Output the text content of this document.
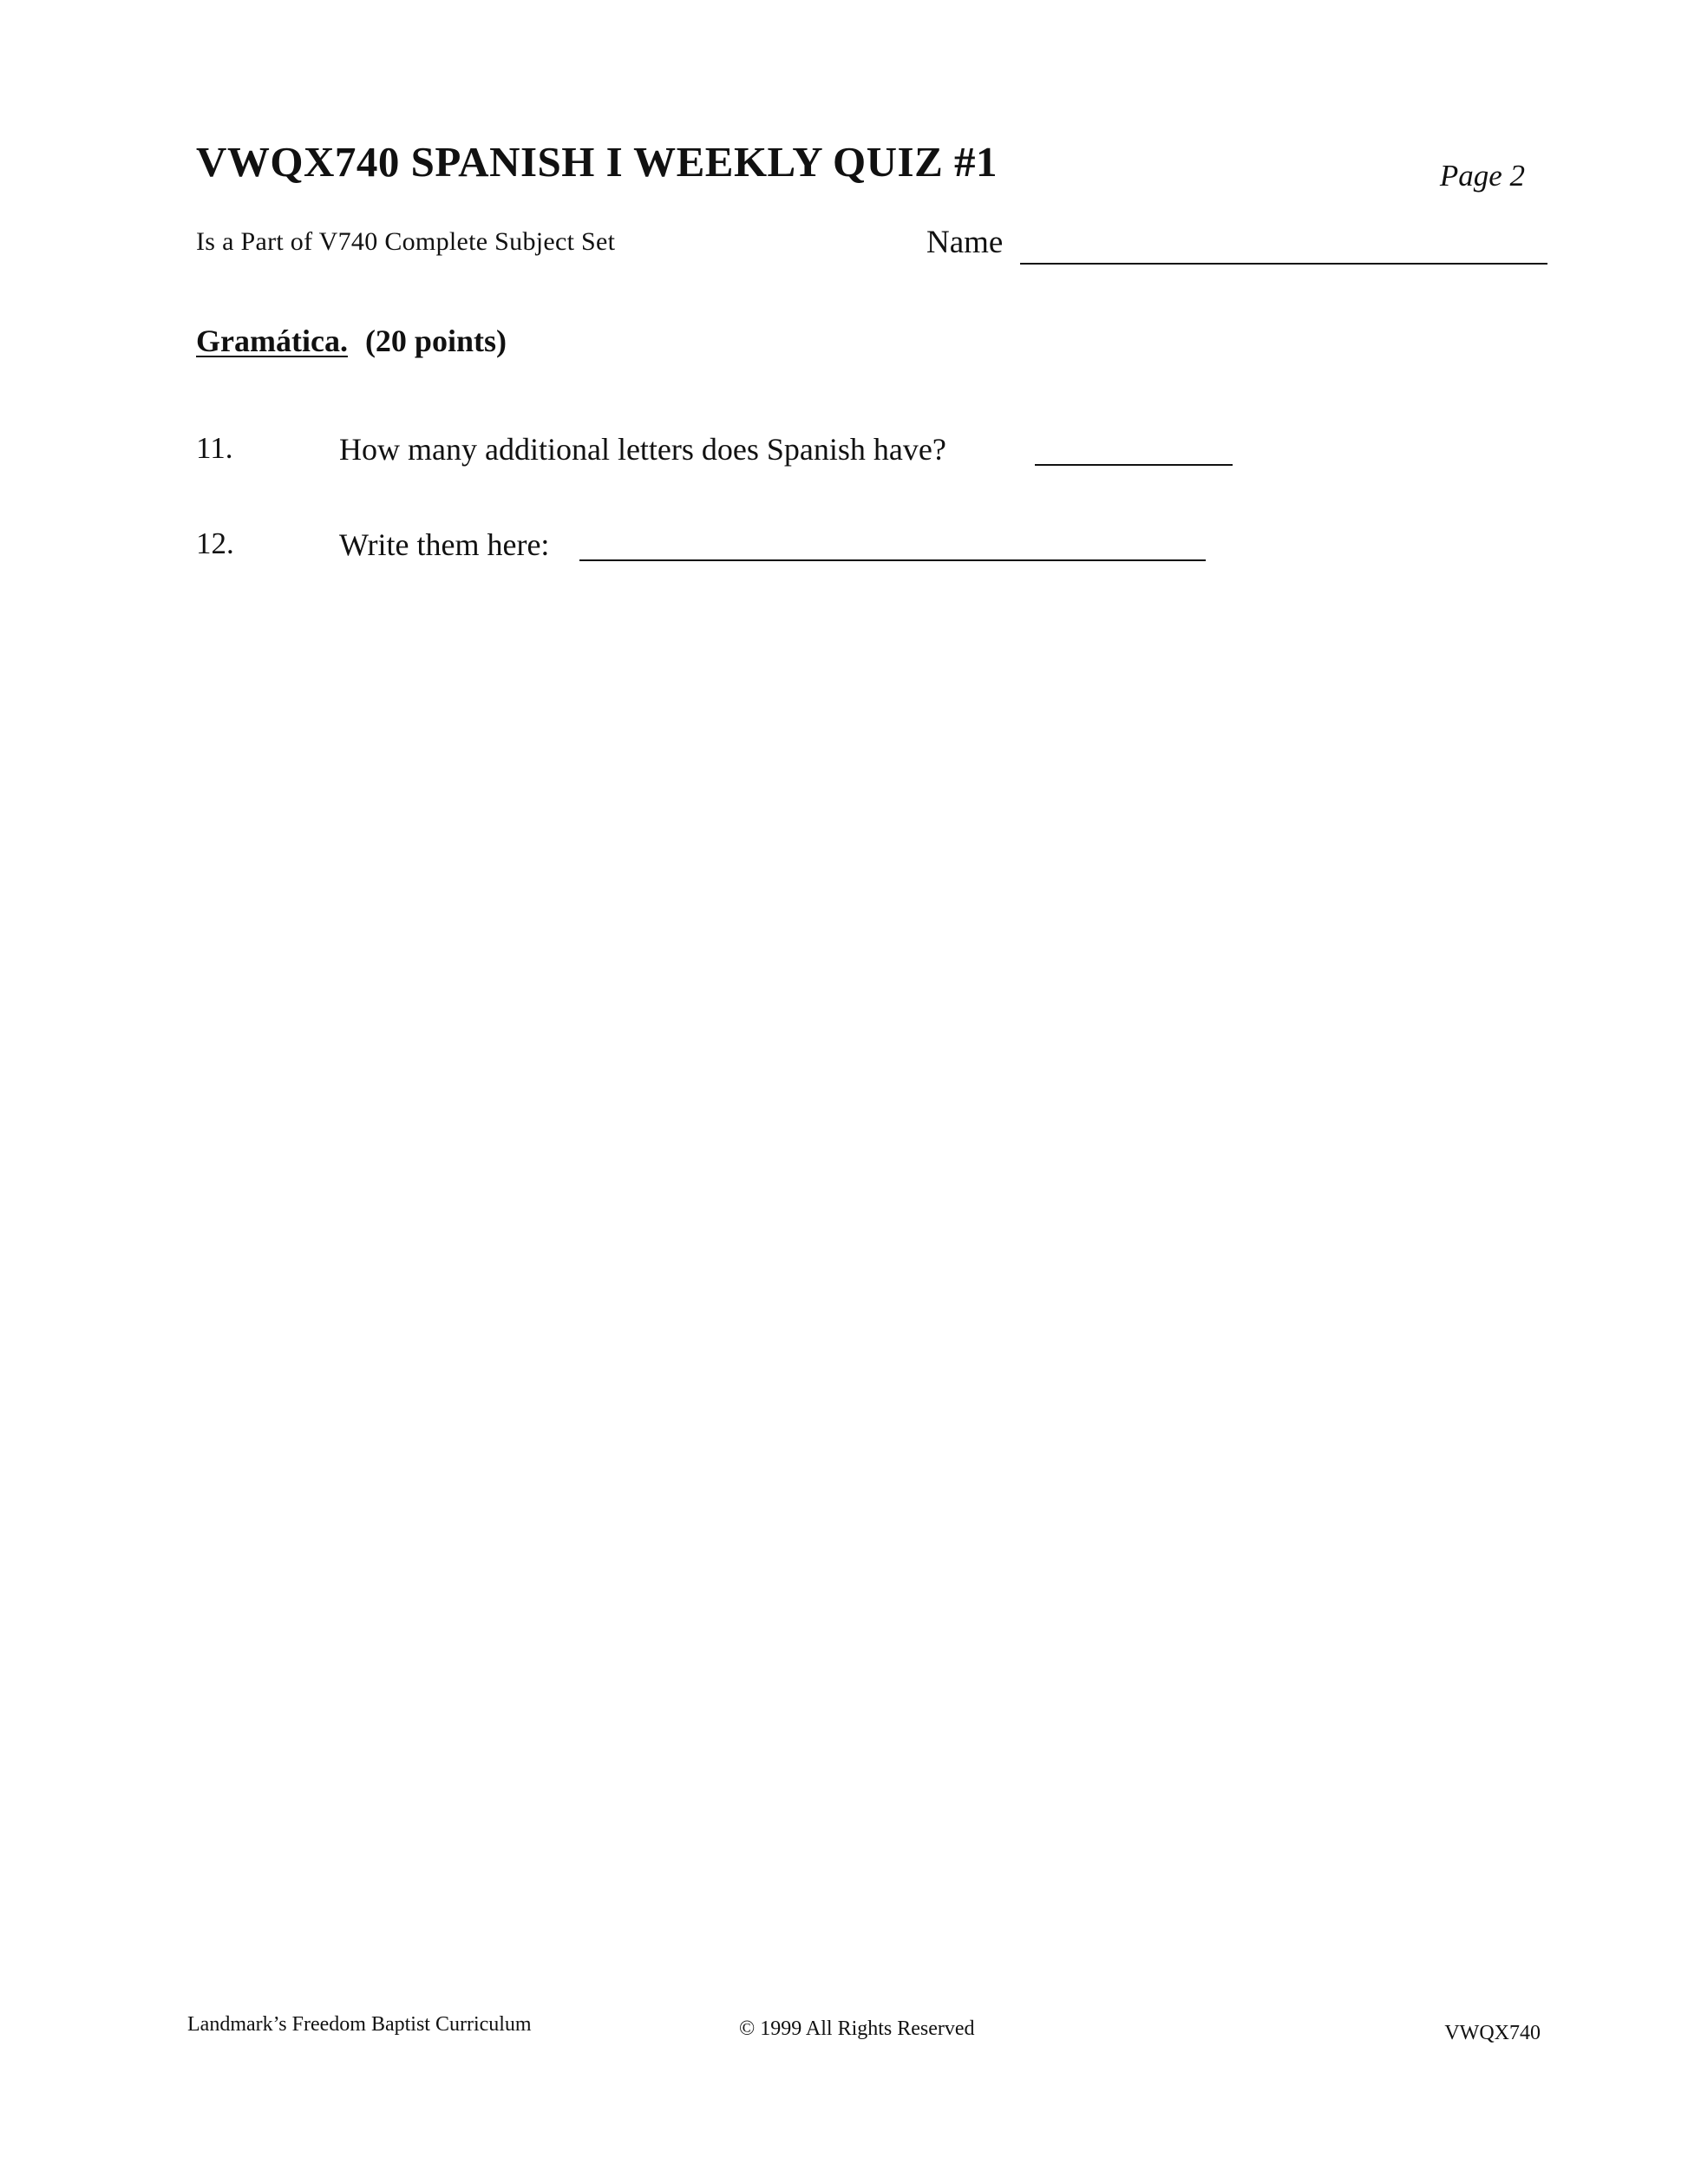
VWQX740 SPANISH I WEEKLY QUIZ #1	Page 2
Is a Part of V740 Complete Subject Set	Name
Gramática. (20 points)
11.	How many additional letters does Spanish have?
12.	Write them here:
Landmark’s Freedom Baptist Curriculum	© 1999 All Rights Reserved	VWQX740
